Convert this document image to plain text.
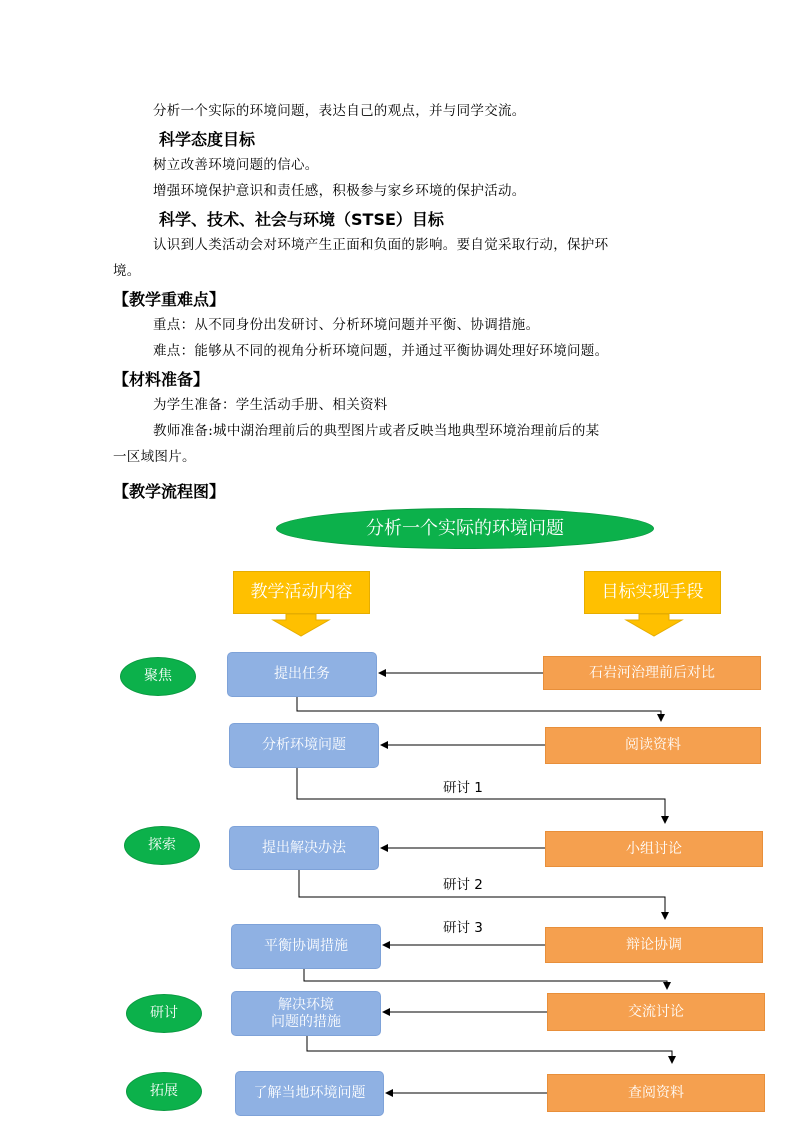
分析一个实际的环境问题，表达自己的观点，并与同学交流。
科学态度目标
树立改善环境问题的信心。
增强环境保护意识和责任感，积极参与家乡环境的保护活动。
科学、技术、社会与环境（STSE）目标
认识到人类活动会对环境产生正面和负面的影响。要自觉采取行动，保护环
境。
【教学重难点】
重点：从不同身份出发研讨、分析环境问题并平衡、协调措施。
难点：能够从不同的视角分析环境问题，并通过平衡协调处理好环境问题。
【材料准备】
为学生准备：学生活动手册、相关资料
教师准备:城中湖治理前后的典型图片或者反映当地典型环境治理前后的某
一区域图片。
【教学流程图】
分析一个实际的环境问题
教学活动内容	目标实现手段
聚焦
探索
研讨
拓展
提出任务
分析环境问题
提出解决办法
平衡协调措施
解决环境
问题的措施
了解当地环境问题
石岩河治理前后对比
阅读资料
小组讨论
辩论协调
交流讨论
查阅资料
研讨 1
研讨 2
研讨 3
